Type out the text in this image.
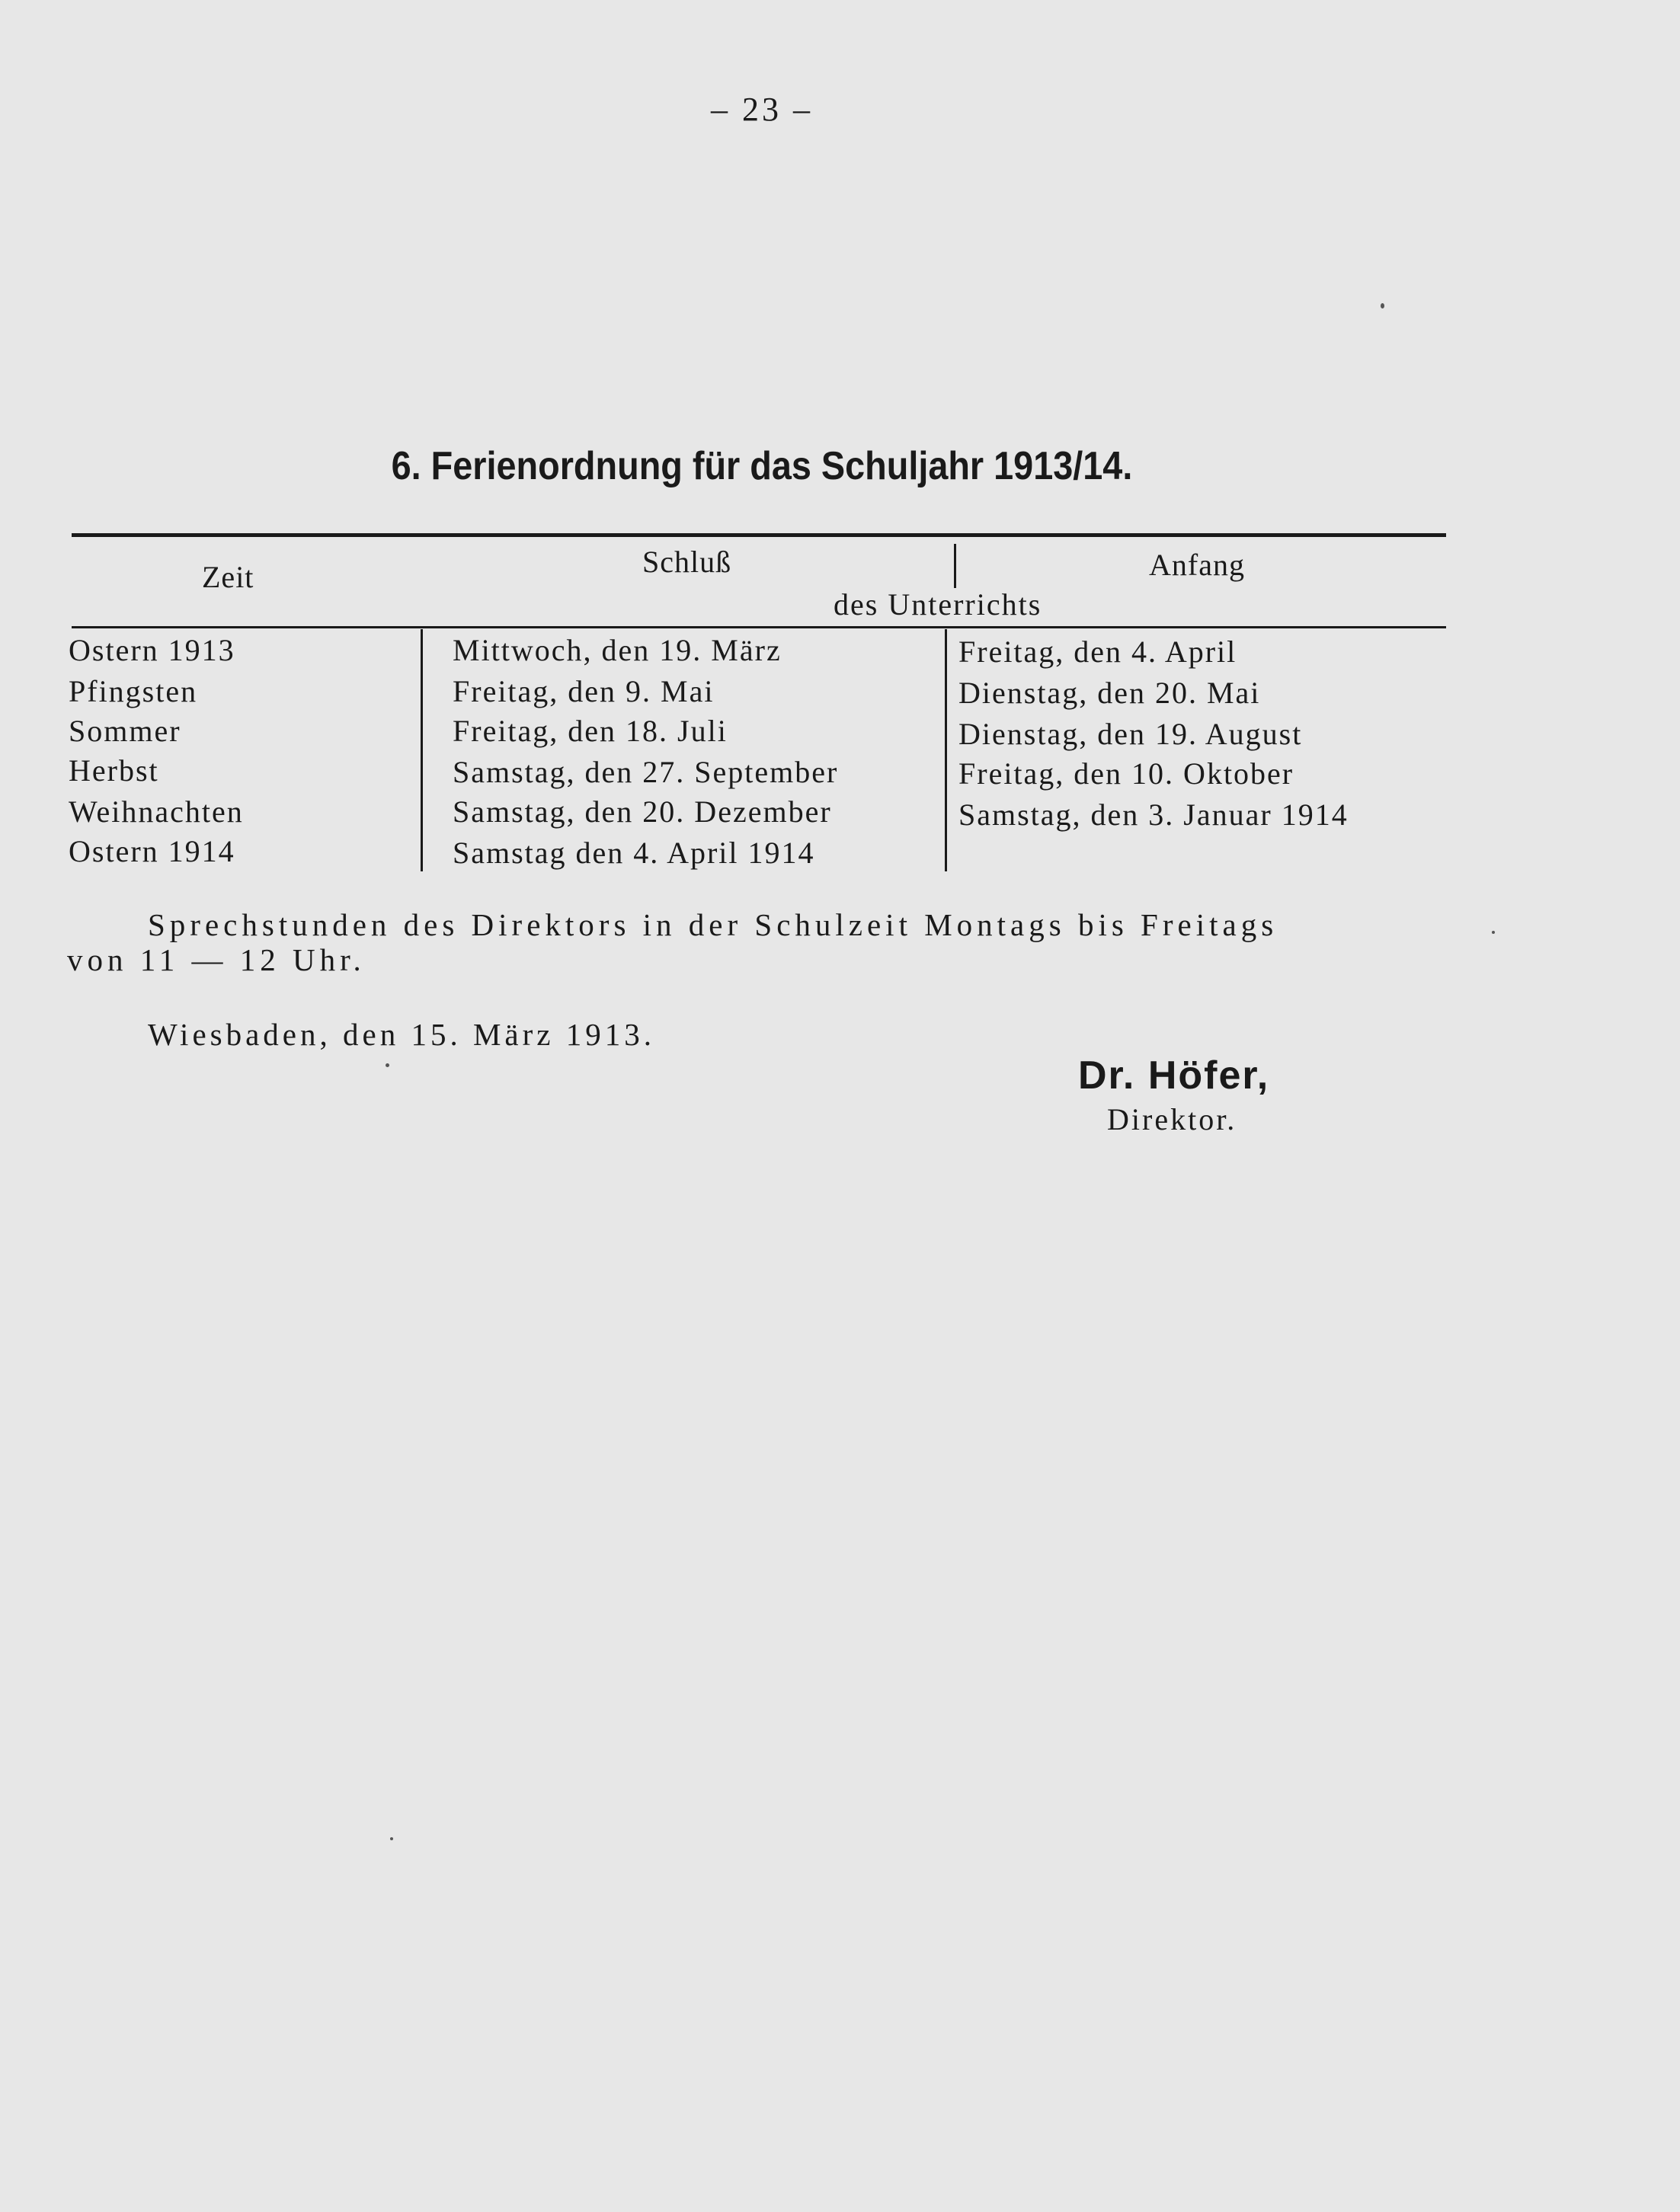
– 23 –
6. Ferienordnung für das Schuljahr 1913/14.
Zeit	Schluß	Anfang
des Unterrichts
Ostern 1913	Mittwoch, den 19. März	Freitag, den 4. April
Pfingsten	Freitag, den 9. Mai	Dienstag, den 20. Mai
Sommer	Freitag, den 18. Juli	Dienstag, den 19. August
Herbst	Samstag, den 27. September	Freitag, den 10. Oktober
Weihnachten	Samstag, den 20. Dezember	Samstag, den 3. Januar 1914
Ostern 1914	Samstag den 4. April 1914
Sprechstunden des Direktors in der Schulzeit Montags bis Freitags
von 11 — 12 Uhr.
Wiesbaden, den 15. März 1913.
Dr. Höfer,
Direktor.
